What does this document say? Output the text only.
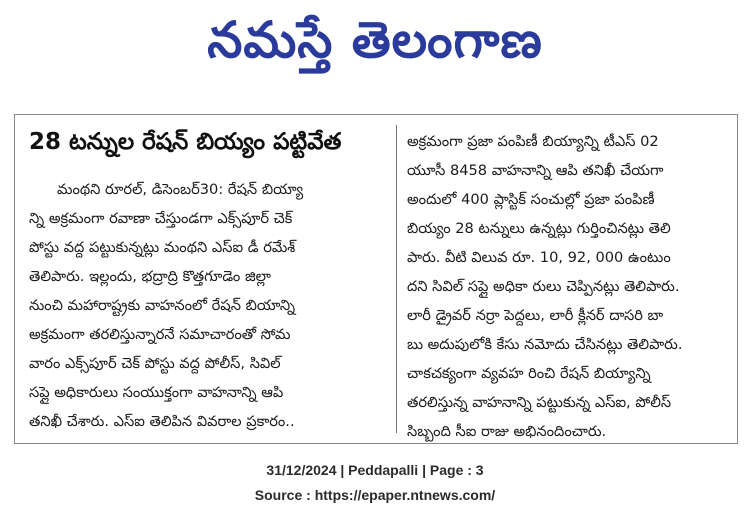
నమస్తే తెలంగాణ
28 టన్నుల రేషన్ బియ్యం పట్టివేత
మంథని రూరల్, డిసెంబర్30: రేషన్ బియ్యా
న్ని అక్రమంగా రవాణా చేస్తుండగా ఎక్స్‌పూర్ చెక్
పోస్టు వద్ద పట్టుకున్నట్లు మంథని ఎస్ఐ డీ రమేశ్
తెలిపారు. ఇల్లందు, భద్రాద్రి కొత్తగూడెం జిల్లా
నుంచి మహారాష్ట్రకు వాహనంలో రేషన్ బియాన్ని
అక్రమంగా తరలిస్తున్నారనే సమాచారంతో సోమ
వారం ఎక్స్‌పూర్ చెక్ పోస్టు వద్ద పోలీస్, సివిల్
సప్లై అధికారులు సంయుక్తంగా వాహనాన్ని ఆపి
తనిఖీ చేశారు. ఎస్ఐ తెలిపిన వివరాల ప్రకారం..
అక్రమంగా ప్రజా పంపిణీ బియ్యాన్ని టీఎస్ 02
యూసీ 8458 వాహనాన్ని ఆపి తనిఖీ చేయగా
అందులో 400 ప్లాస్టిక్ సంచుల్లో ప్రజా పంపిణీ
బియ్యం 28 టన్నులు ఉన్నట్లు గుర్తించినట్లు తెలి
పారు. వీటి విలువ రూ. 10, 92, 000 ఉంటుం
దని సివిల్ సప్లై అధికా రులు చెప్పినట్లు తెలిపారు.
లారీ డ్రైవర్ నర్రా పెద్దలు, లారీ క్లీనర్ దాసరి బా
బు అదుపులోకి కేసు నమోదు చేసినట్లు తెలిపారు.
చాకచక్యంగా వ్యవహ రించి రేషన్ బియ్యాన్ని
తరలిస్తున్న వాహనాన్ని పట్టుకున్న ఎస్ఐ, పోలీస్
సిబ్బంది సీఐ రాజు అభినందించారు.
31/12/2024 | Peddapalli | Page : 3
Source : https://epaper.ntnews.com/
